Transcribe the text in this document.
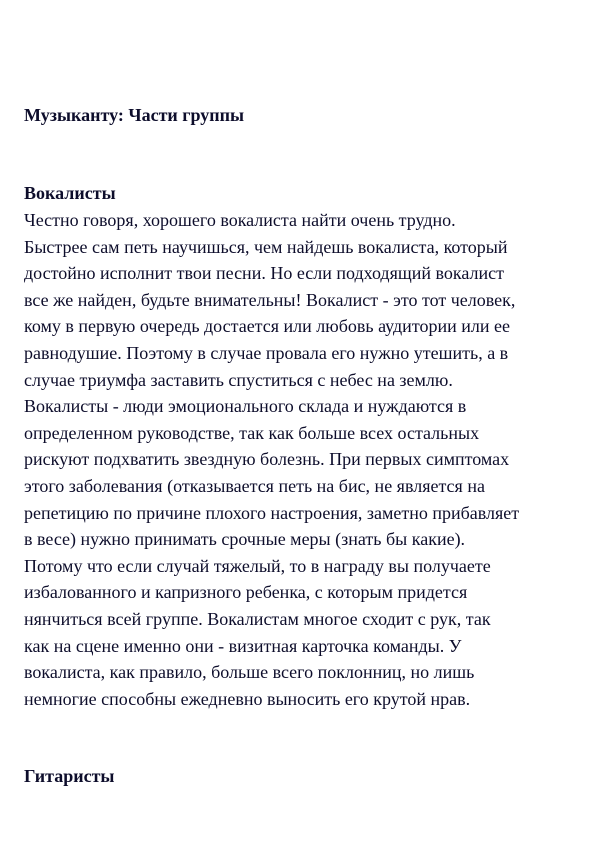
Музыканту: Части группы
Вокалисты
Честно говоря, хорошего вокалиста найти очень трудно.
Быстрее сам петь научишься, чем найдешь вокалиста, который
достойно исполнит твои песни. Но если подходящий вокалист
все же найден, будьте внимательны! Вокалист - это тот человек,
кому в первую очередь достается или любовь аудитории или ее
равнодушие. Поэтому в случае провала его нужно утешить, а в
случае триумфа заставить спуститься с небес на землю.
Вокалисты - люди эмоционального склада и нуждаются в
определенном руководстве, так как больше всех остальных
рискуют подхватить звездную болезнь. При первых симптомах
этого заболевания (отказывается петь на бис, не является на
репетицию по причине плохого настроения, заметно прибавляет
в весе) нужно принимать срочные меры (знать бы какие).
Потому что если случай тяжелый, то в награду вы получаете
избалованного и капризного ребенка, с которым придется
нянчиться всей группе. Вокалистам многое сходит с рук, так
как на сцене именно они - визитная карточка команды. У
вокалиста, как правило, больше всего поклонниц, но лишь
немногие способны ежедневно выносить его крутой нрав.
Гитаристы
